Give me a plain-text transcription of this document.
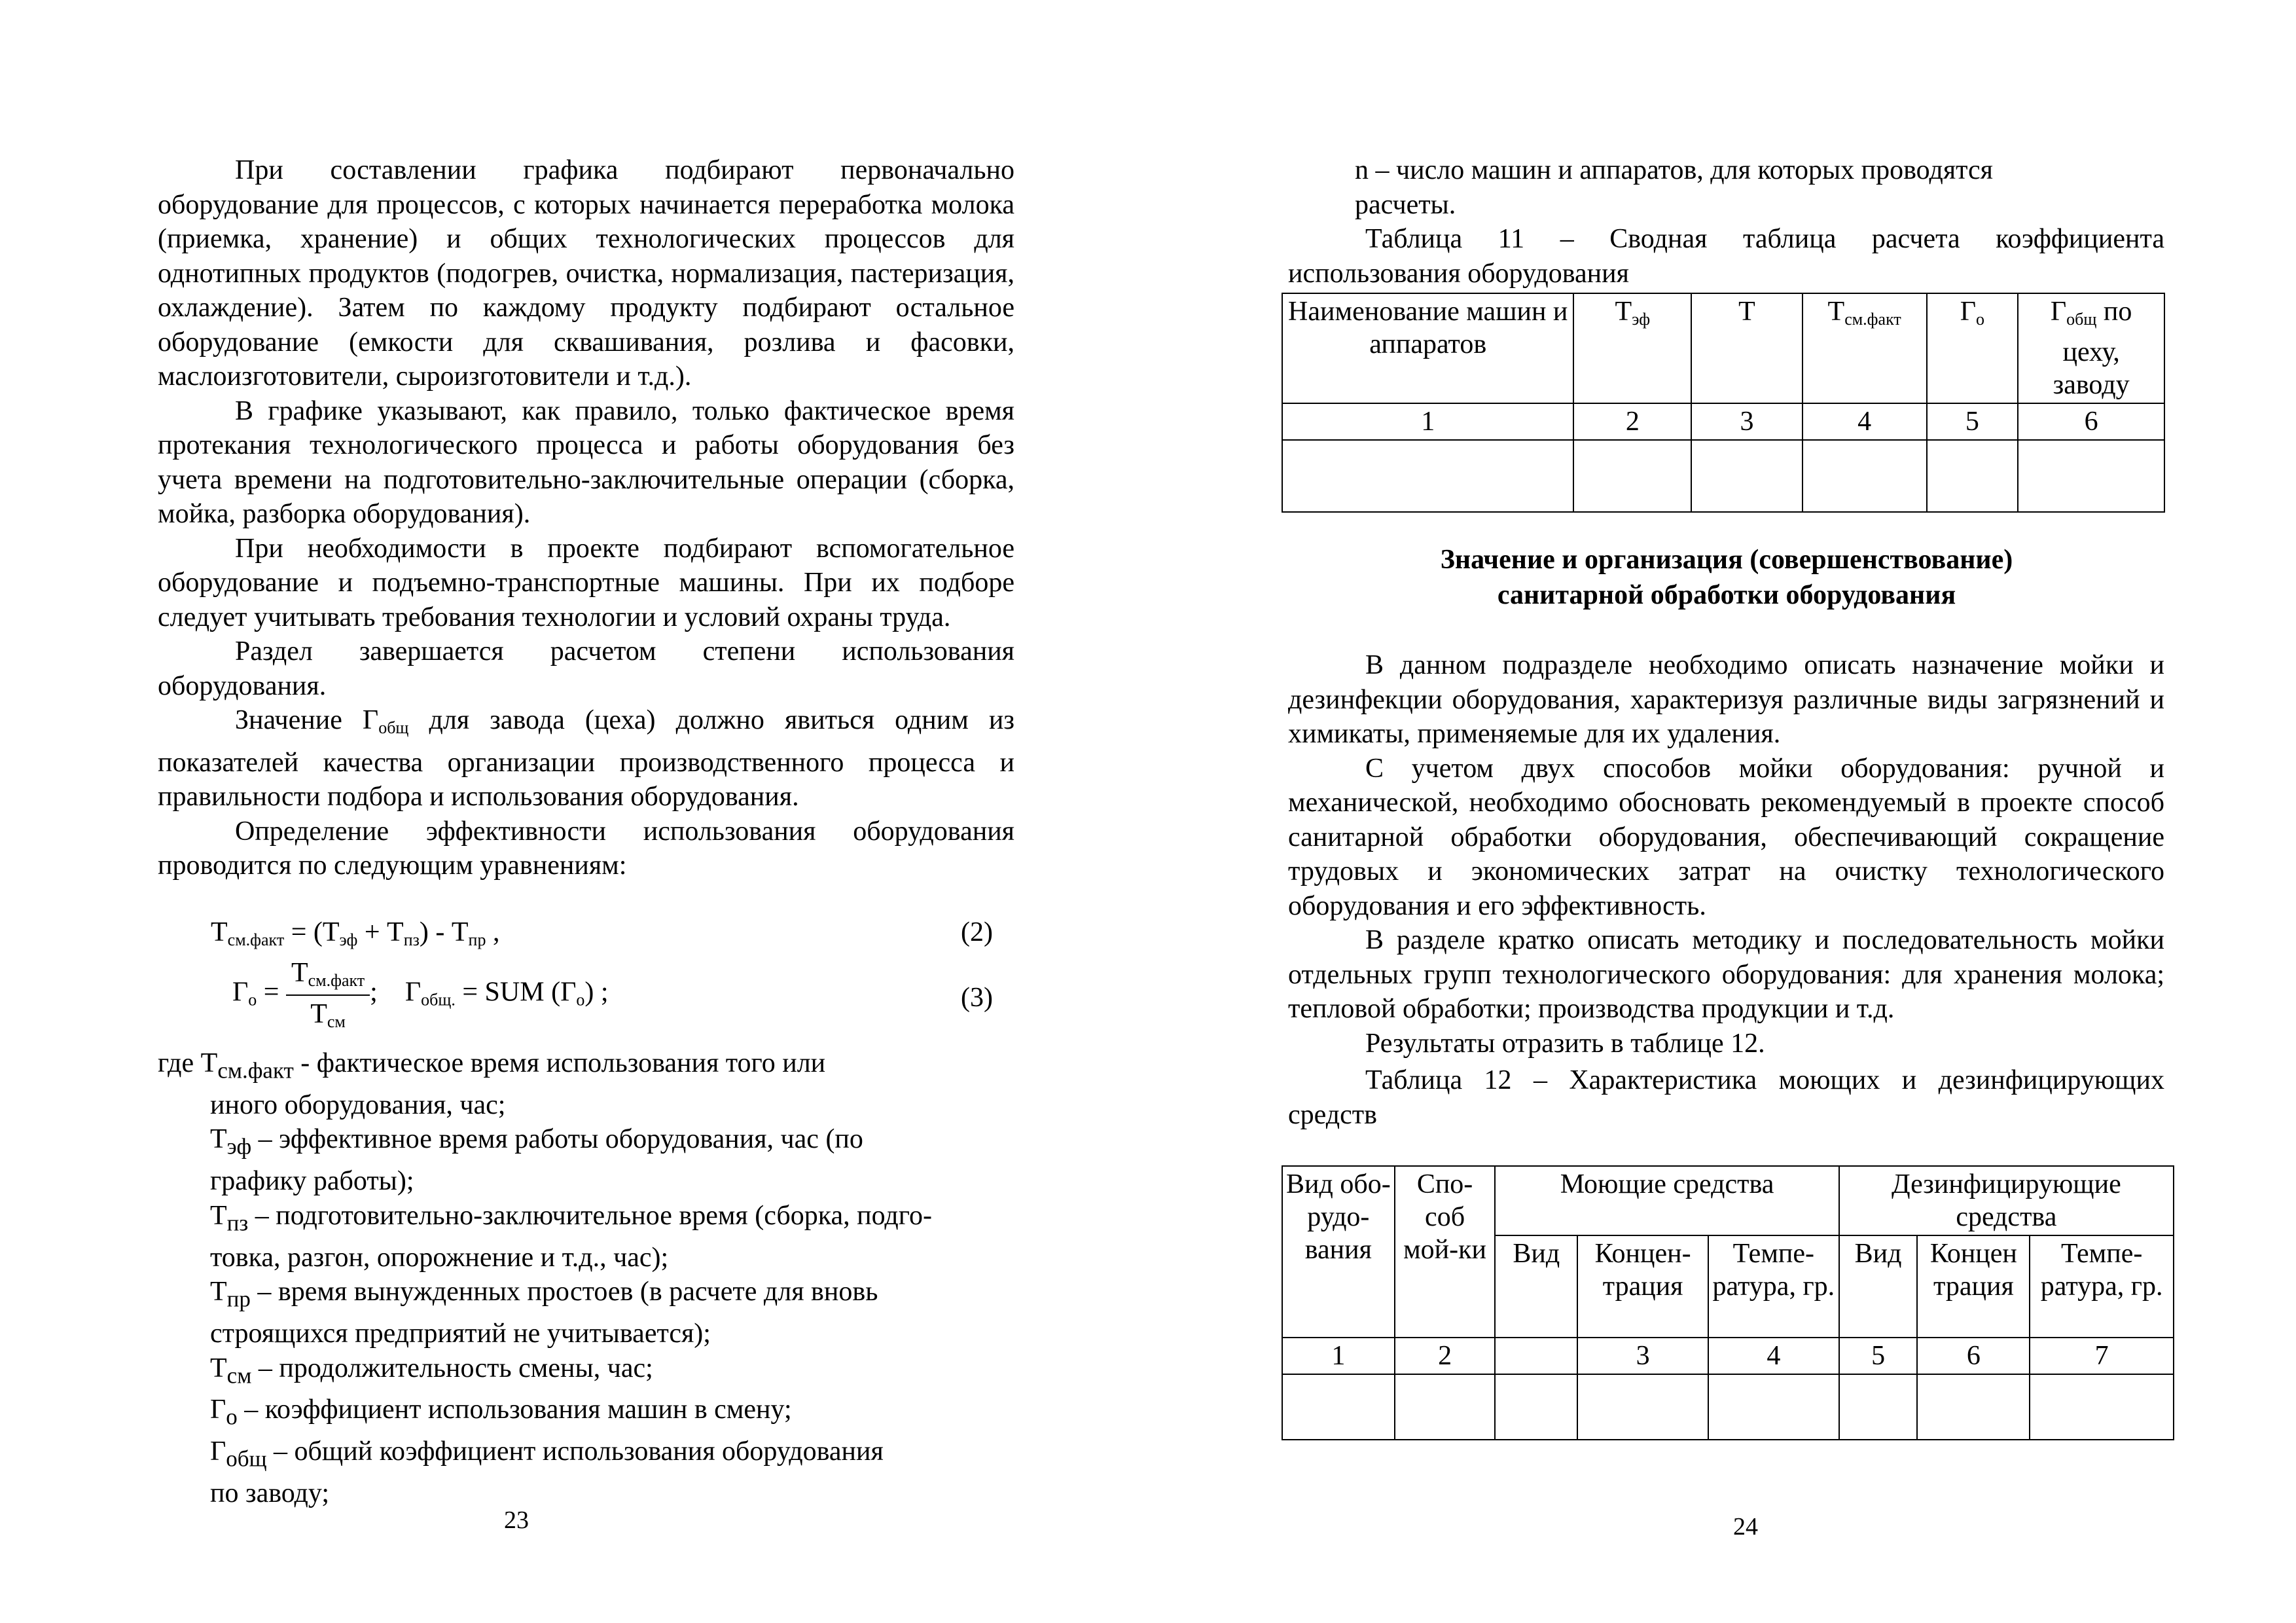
При составлении графика подбирают первоначально оборудование для процессов, с которых начинается переработка молока (приемка, хранение) и общих технологических процессов для однотипных продуктов (подогрев, очистка, нормализация, пастеризация, охлаждение). Затем по каждому продукту подбирают остальное оборудование (емкости для сквашивания, розлива и фасовки, маслоизготовители, сыроизготовители и т.д.).

В графике указывают, как правило, только фактическое время протекания технологического процесса и работы оборудования без учета времени на подготовительно-заключительные операции (сборка, мойка, разборка оборудования).

При необходимости в проекте подбирают вспомогательное оборудование и подъемно-транспортные машины. При их подборе следует учитывать требования технологии и условий охраны труда.

Раздел завершается расчетом степени использования оборудования.

Значение $Г_{общ}$ для завода (цеха) должно явиться одним из показателей качества организации производственного процесса и правильности подбора и использования оборудования.

Определение эффективности использования оборудования проводится по следующим уравнениям:

$Т_{см.факт} = (Т_{эф} + Т_{пз}) - Т_{пр}$ ,	(2)
$Г_о = \frac{Т_{см.факт}}{Т_{см}}$ ; $Г_{общ.}$ = SUM $(Г_о)$ ;	(3)

где $Т_{см.факт}$ - фактическое время использования того или

иного оборудования, час;

$Т_{эф}$ – эффективное время работы оборудования, час (по

графику работы);

$Т_{пз}$ – подготовительно-заключительное время (сборка, подго-

товка, разгон, опорожнение и т.д., час);

$Т_{пр}$ – время вынужденных простоев (в расчете для вновь

строящихся предприятий не учитывается);

$Т_{см}$ – продолжительность смены, час;

$Г_о$ – коэффициент использования машин в смену;

$Г_{общ}$ – общий коэффициент использования оборудования

по заводу;

23

n – число машин и аппаратов, для которых проводятся

расчеты.

Таблица 11 – Сводная таблица расчета коэффициента использования оборудования

Наименование машин и аппаратов	$Т_{эф}$	Т	$Т_{см.факт}$	$Г_о$	$Г_{общ}$ по цеху, заводу
1	2	3	4	5	6

Значение и организация (совершенствование)
санитарной обработки оборудования

В данном подразделе необходимо описать назначение мойки и дезинфекции оборудования, характеризуя различные виды загрязнений и химикаты, применяемые для их удаления.

С учетом двух способов мойки оборудования: ручной и механической, необходимо обосновать рекомендуемый в проекте способ санитарной обработки оборудования, обеспечивающий сокращение трудовых и экономических затрат на очистку технологического оборудования и его эффективность.

В разделе кратко описать методику и последовательность мойки отдельных групп технологического оборудования: для хранения молока; тепловой обработки; производства продукции и т.д.

Результаты отразить в таблице 12.

Таблица 12 – Характеристика моющих и дезинфицирующих средств

Вид обо-рудо-вания	Спо-соб мой-ки	Моющие средства			Дезинфицирующие средства		
		Вид	Концен-трация	Темпе-ратура, гр.	Вид	Концен трация	Темпе-ратура, гр.
1	2		3	4	5	6	7

24
